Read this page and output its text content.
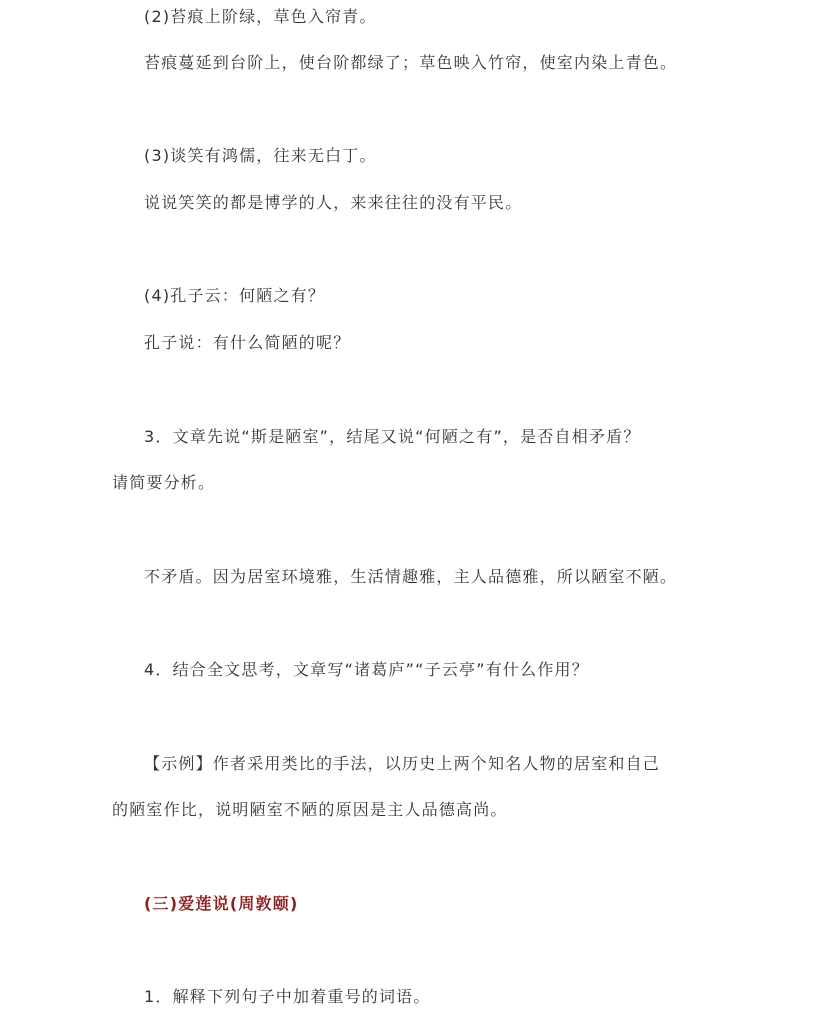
(2)苔痕上阶绿，草色入帘青。
苔痕蔓延到台阶上，使台阶都绿了；草色映入竹帘，使室内染上青色。
(3)谈笑有鸿儒，往来无白丁。
说说笑笑的都是博学的人，来来往往的没有平民。
(4)孔子云：何陋之有？
孔子说：有什么简陋的呢？
3．文章先说“斯是陋室”，结尾又说“何陋之有”，是否自相矛盾？
请简要分析。
不矛盾。因为居室环境雅，生活情趣雅，主人品德雅，所以陋室不陋。
4．结合全文思考，文章写“诸葛庐”“子云亭”有什么作用？
【示例】作者采用类比的手法，以历史上两个知名人物的居室和自己
的陋室作比，说明陋室不陋的原因是主人品德高尚。
(三)爱莲说(周敦颐)
1．解释下列句子中加着重号的词语。
